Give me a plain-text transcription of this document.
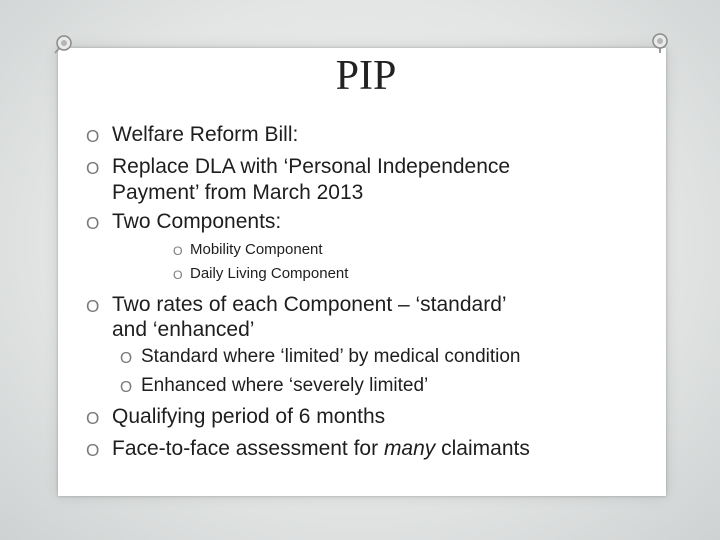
PIP
O Welfare Reform Bill:
O Replace DLA with ‘Personal Independence
Payment’ from March 2013
O Two Components:
O Mobility Component
O Daily Living Component
O Two rates of each Component – ‘standard’
and ‘enhanced’
O Standard where ‘limited’ by medical condition
O Enhanced where ‘severely limited’
O Qualifying period of 6 months
O Face-to-face assessment for many claimants
